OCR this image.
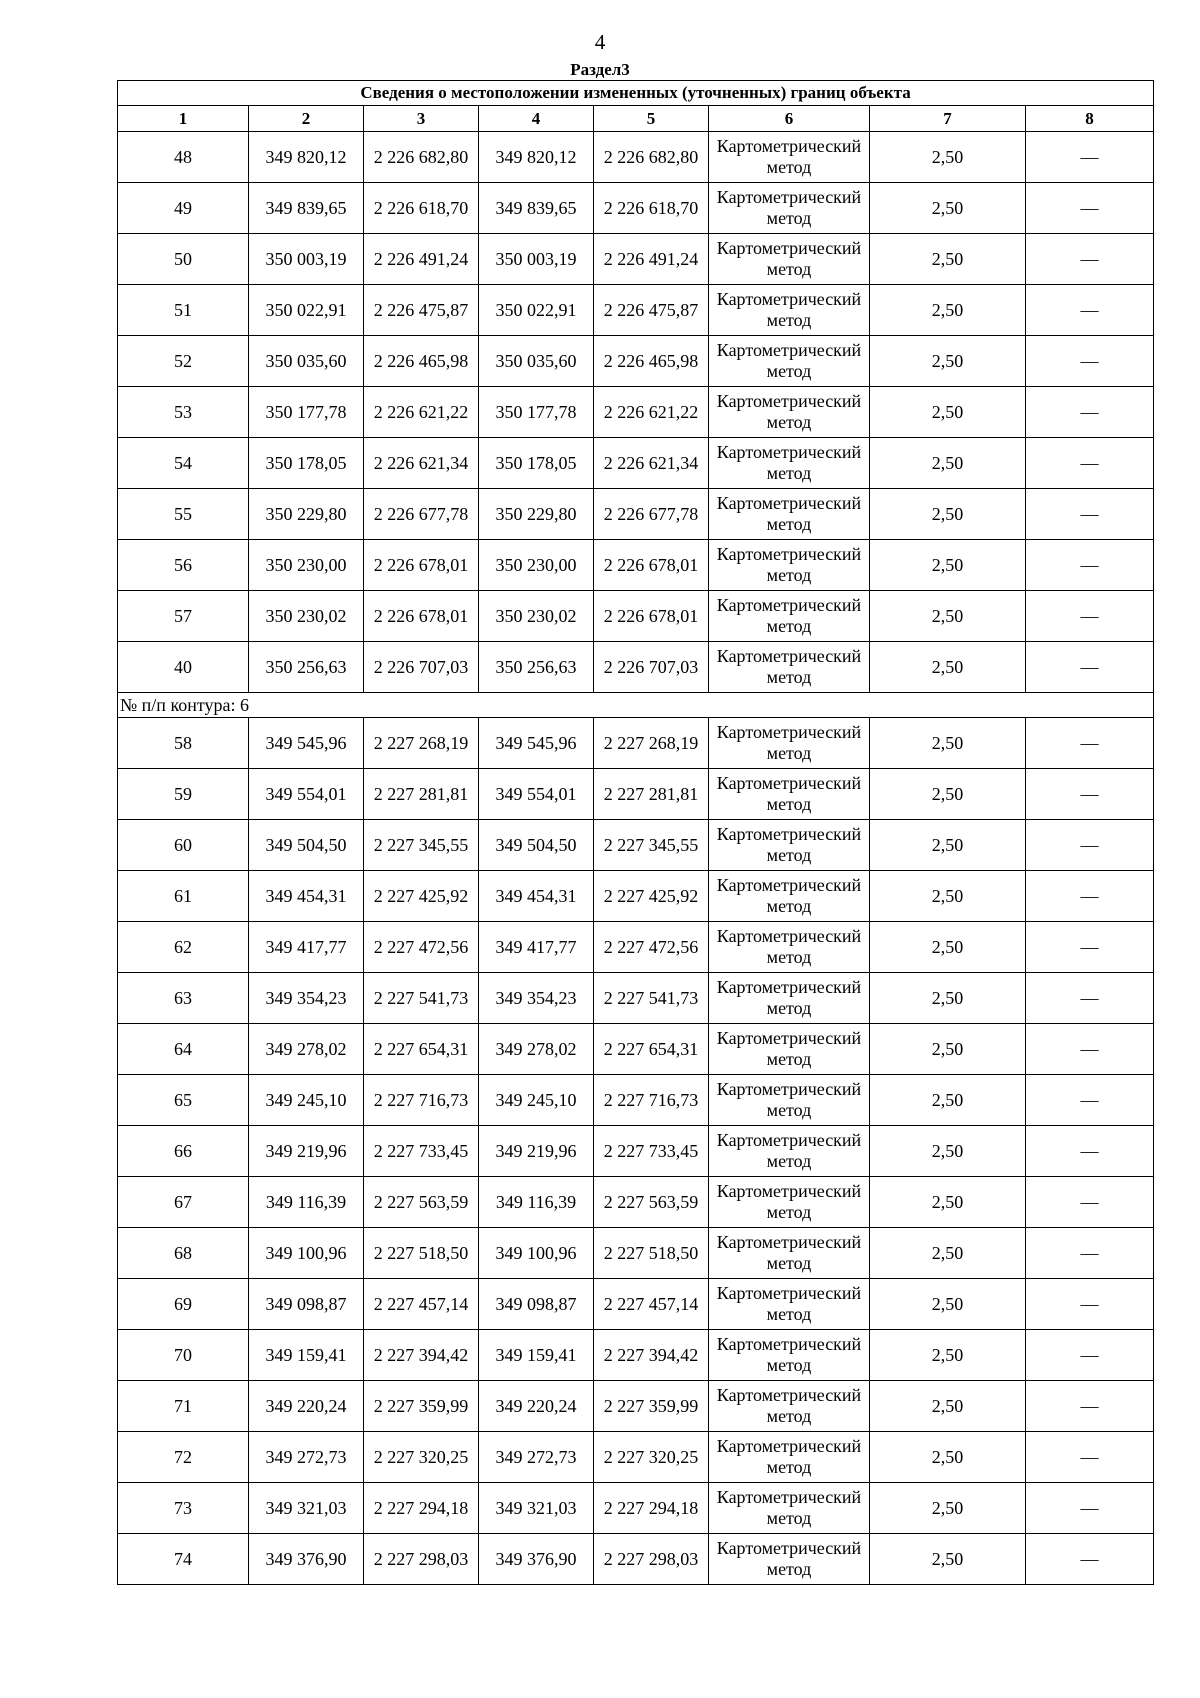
4
Раздел3
Сведения о местоположении измененных (уточненных) границ объекта							
1	2	3	4	5	6	7	8
48	349 820,12	2 226 682,80	349 820,12	2 226 682,80	Картометрический метод	2,50	—
49	349 839,65	2 226 618,70	349 839,65	2 226 618,70	Картометрический метод	2,50	—
50	350 003,19	2 226 491,24	350 003,19	2 226 491,24	Картометрический метод	2,50	—
51	350 022,91	2 226 475,87	350 022,91	2 226 475,87	Картометрический метод	2,50	—
52	350 035,60	2 226 465,98	350 035,60	2 226 465,98	Картометрический метод	2,50	—
53	350 177,78	2 226 621,22	350 177,78	2 226 621,22	Картометрический метод	2,50	—
54	350 178,05	2 226 621,34	350 178,05	2 226 621,34	Картометрический метод	2,50	—
55	350 229,80	2 226 677,78	350 229,80	2 226 677,78	Картометрический метод	2,50	—
56	350 230,00	2 226 678,01	350 230,00	2 226 678,01	Картометрический метод	2,50	—
57	350 230,02	2 226 678,01	350 230,02	2 226 678,01	Картометрический метод	2,50	—
40	350 256,63	2 226 707,03	350 256,63	2 226 707,03	Картометрический метод	2,50	—
№ п/п контура: 6							
58	349 545,96	2 227 268,19	349 545,96	2 227 268,19	Картометрический метод	2,50	—
59	349 554,01	2 227 281,81	349 554,01	2 227 281,81	Картометрический метод	2,50	—
60	349 504,50	2 227 345,55	349 504,50	2 227 345,55	Картометрический метод	2,50	—
61	349 454,31	2 227 425,92	349 454,31	2 227 425,92	Картометрический метод	2,50	—
62	349 417,77	2 227 472,56	349 417,77	2 227 472,56	Картометрический метод	2,50	—
63	349 354,23	2 227 541,73	349 354,23	2 227 541,73	Картометрический метод	2,50	—
64	349 278,02	2 227 654,31	349 278,02	2 227 654,31	Картометрический метод	2,50	—
65	349 245,10	2 227 716,73	349 245,10	2 227 716,73	Картометрический метод	2,50	—
66	349 219,96	2 227 733,45	349 219,96	2 227 733,45	Картометрический метод	2,50	—
67	349 116,39	2 227 563,59	349 116,39	2 227 563,59	Картометрический метод	2,50	—
68	349 100,96	2 227 518,50	349 100,96	2 227 518,50	Картометрический метод	2,50	—
69	349 098,87	2 227 457,14	349 098,87	2 227 457,14	Картометрический метод	2,50	—
70	349 159,41	2 227 394,42	349 159,41	2 227 394,42	Картометрический метод	2,50	—
71	349 220,24	2 227 359,99	349 220,24	2 227 359,99	Картометрический метод	2,50	—
72	349 272,73	2 227 320,25	349 272,73	2 227 320,25	Картометрический метод	2,50	—
73	349 321,03	2 227 294,18	349 321,03	2 227 294,18	Картометрический метод	2,50	—
74	349 376,90	2 227 298,03	349 376,90	2 227 298,03	Картометрический метод	2,50	—
